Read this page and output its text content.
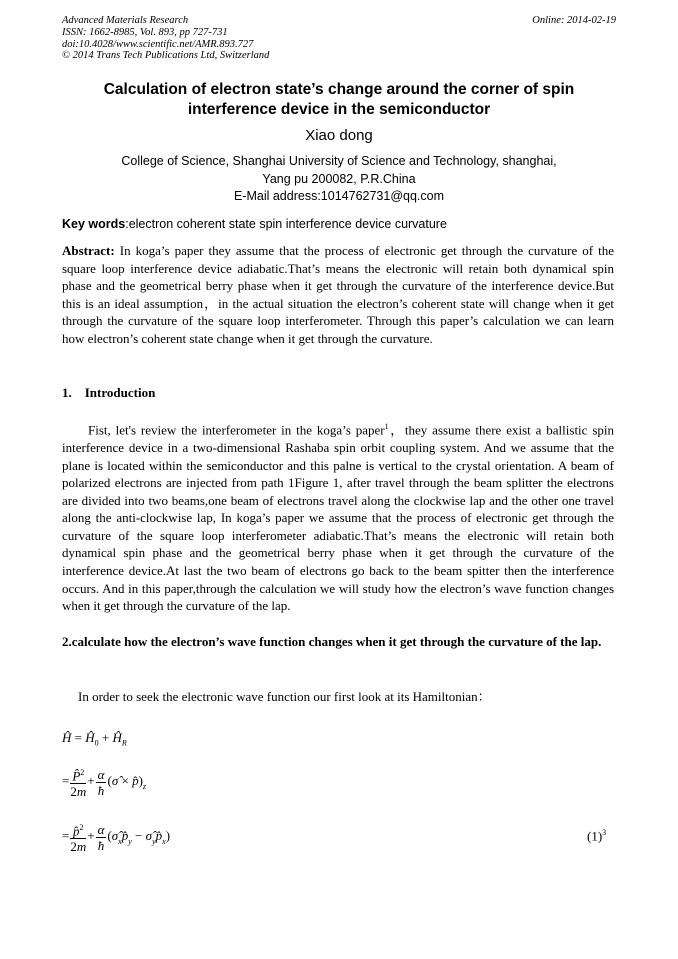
Advanced Materials Research
ISSN: 1662-8985, Vol. 893, pp 727-731
doi:10.4028/www.scientific.net/AMR.893.727
© 2014 Trans Tech Publications Ltd, Switzerland
Online: 2014-02-19
Calculation of electron state’s change around the corner of spin
interference device in the semiconductor
Xiao dong
College of Science, Shanghai University of Science and Technology, shanghai,
Yang pu 200082, P.R.China
E-Mail address:1014762731@qq.com
Key words:electron coherent state spin interference device curvature
Abstract: In koga’s paper they assume that the process of electronic get through the curvature of the square loop interference device adiabatic.That’s means the electronic will retain both dynamical spin phase and the geometrical berry phase when it get through the curvature of the interference device.But this is an ideal assumption，in the actual situation the electron’s coherent state will change when it get through the curvature of the square loop interferometer. Through this paper’s calculation we can learn how electron’s coherent state change when it get through the curvature.
1.    Introduction
Fist, let's review the interferometer in the koga’s paper$^1$，they assume there exist a ballistic spin interference device in a two-dimensional Rashaba spin orbit coupling system. And we assume that the plane is located within the semiconductor and this palne is vertical to the crystal orientation. A beam of polarized electrons are injected from path 1Figure 1, after travel through the beam splitter the electrons are divided into two beams,one beam of electrons travel along the clockwise lap and the other one travel along the anti-clockwise lap, In koga’s paper we assume that the process of electronic get through the curvature of the square loop interferometer adiabatic.That’s means the electronic will retain both dynamical spin phase and the geometrical berry phase when it get through the curvature of the interference device.At last the two beam of electrons go back to the beam spitter then the interference occurs. And in this paper,through the calculation we will study how the electron’s wave function changes when it get through the curvature of the lap.
2.calculate how the electron’s wave function changes when it get through the curvature of the lap.
In order to seek the electronic wave function our first look at its Hamiltonian：
Ĥ = $Ĥ_0$ + $Ĥ_R$
= $\frac{P̂^2}{2m} + \frac{\alpha}{ħ}$ (σ̂ × $p̂)_z$
= $\frac{p̂^2}{2m} + \frac{\alpha}{ħ}$ ($\sigmâ_xp̂_y$ − $\sigmâ_yp̂_x$)	$(1)^3$
